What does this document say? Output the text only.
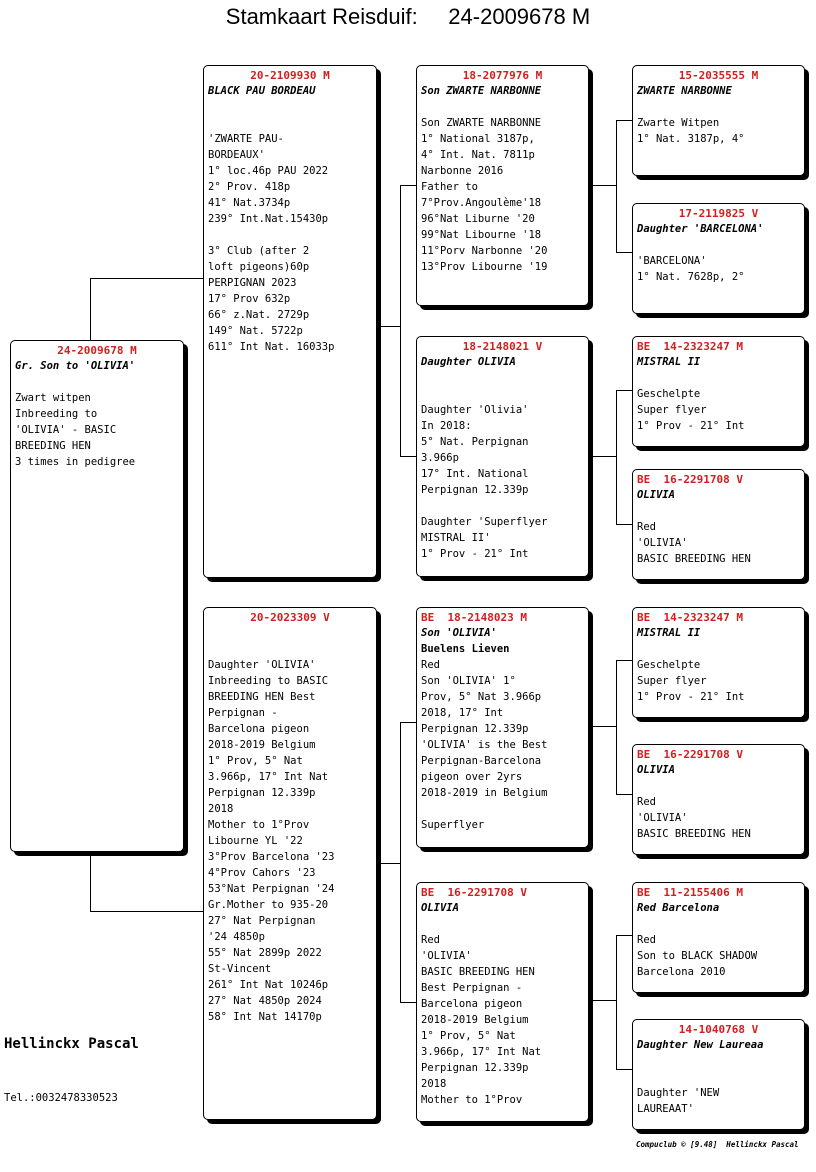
Stamkaart Reisduif:     24-2009678 M
24-2009678 M
Gr. Son to 'OLIVIA'

Zwart witpen
Inbreeding to
'OLIVIA' - BASIC
BREEDING HEN
3 times in pedigree
20-2109930 M
BLACK PAU BORDEAU

'ZWARTE PAU-
BORDEAUX'
1° loc.46p PAU 2022
2° Prov. 418p
41° Nat.3734p
239° Int.Nat.15430p

3° Club (after 2
loft pigeons)60p
PERPIGNAN 2023
17° Prov 632p
66° z.Nat. 2729p
149° Nat. 5722p
611° Int Nat. 16033p
20-2023309 V

Daughter 'OLIVIA'
Inbreeding to BASIC
BREEDING HEN Best
Perpignan -
Barcelona pigeon
2018-2019 Belgium
1° Prov, 5° Nat
3.966p, 17° Int Nat
Perpignan 12.339p
2018
Mother to 1°Prov
Libourne YL '22
3°Prov Barcelona '23
4°Prov Cahors '23
53°Nat Perpignan '24
Gr.Mother to 935-20
27° Nat Perpignan
'24 4850p
55° Nat 2899p 2022
St-Vincent
261° Int Nat 10246p
27° Nat 4850p 2024
58° Int Nat 14170p
18-2077976 M
Son ZWARTE NARBONNE

Son ZWARTE NARBONNE
1° National 3187p,
4° Int. Nat. 7811p
Narbonne 2016
Father to
7°Prov.Angoulème'18
96°Nat Liburne '20
99°Nat Libourne '18
11°Porv Narbonne '20
13°Prov Libourne '19
18-2148021 V
Daughter OLIVIA

Daughter 'Olivia'
In 2018:
5° Nat. Perpignan
3.966p
17° Int. National
Perpignan 12.339p

Daughter 'Superflyer
MISTRAL II'
1° Prov - 21° Int
BE  18-2148023 M
Son 'OLIVIA'
Buelens Lieven
Red
Son 'OLIVIA' 1°
Prov, 5° Nat 3.966p
2018, 17° Int
Perpignan 12.339p
'OLIVIA' is the Best
Perpignan-Barcelona
pigeon over 2yrs
2018-2019 in Belgium

Superflyer
BE  16-2291708 V
OLIVIA

Red
'OLIVIA'
BASIC BREEDING HEN
Best Perpignan -
Barcelona pigeon
2018-2019 Belgium
1° Prov, 5° Nat
3.966p, 17° Int Nat
Perpignan 12.339p
2018
Mother to 1°Prov
15-2035555 M
ZWARTE NARBONNE

Zwarte Witpen
1° Nat. 3187p, 4°
17-2119825 V
Daughter 'BARCELONA'

'BARCELONA'
1° Nat. 7628p, 2°
BE  14-2323247 M
MISTRAL II

Geschelpte
Super flyer
1° Prov - 21° Int
BE  16-2291708 V
OLIVIA

Red
'OLIVIA'
BASIC BREEDING HEN
BE  14-2323247 M
MISTRAL II

Geschelpte
Super flyer
1° Prov - 21° Int
BE  16-2291708 V
OLIVIA

Red
'OLIVIA'
BASIC BREEDING HEN
BE  11-2155406 M
Red Barcelona

Red
Son to BLACK SHADOW
Barcelona 2010
14-1040768 V
Daughter New Laureaa

Daughter 'NEW
LAUREAAT'
Hellinckx Pascal
Tel.:0032478330523
Compuclub © [9.48]  Hellinckx Pascal
